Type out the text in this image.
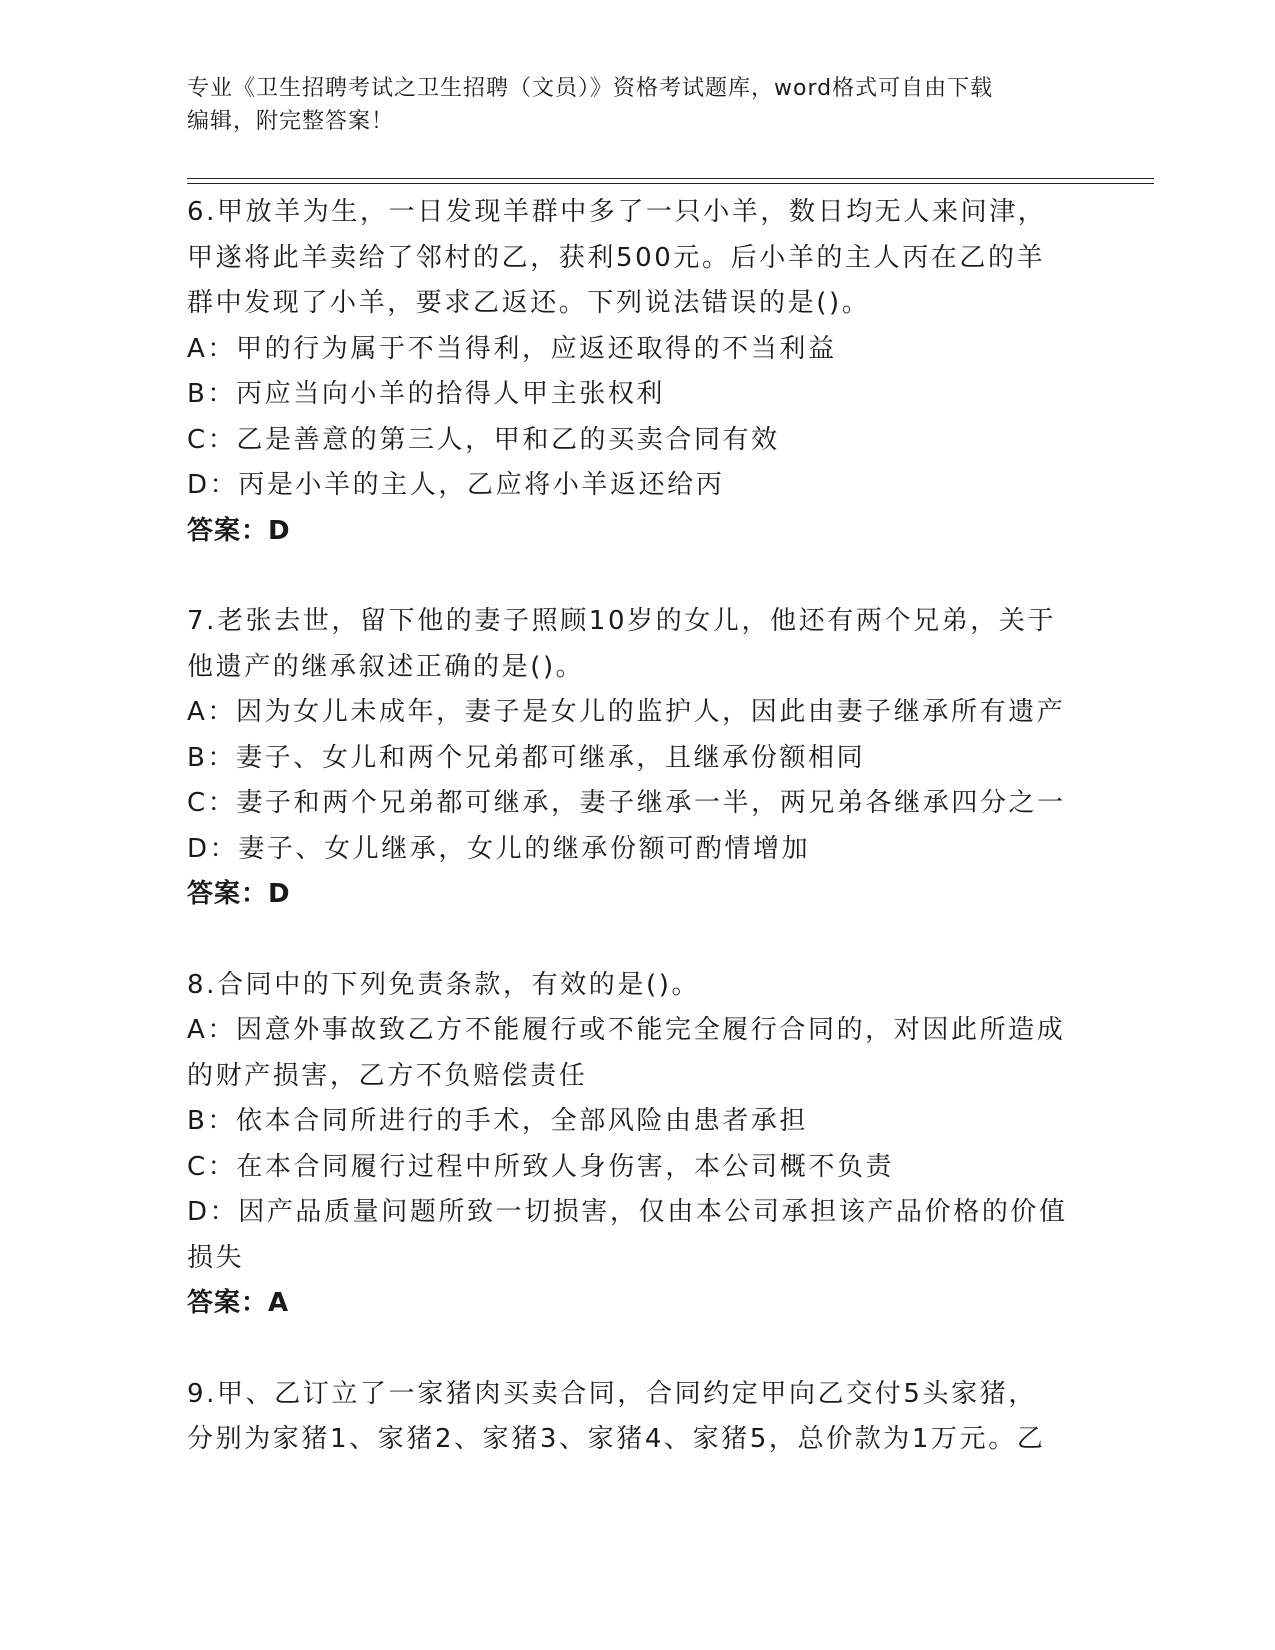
专业《卫生招聘考试之卫生招聘（文员）》资格考试题库，word格式可自由下载
编辑，附完整答案！
6.甲放羊为生，一日发现羊群中多了一只小羊，数日均无人来问津，
甲遂将此羊卖给了邻村的乙，获利500元。后小羊的主人丙在乙的羊
群中发现了小羊，要求乙返还。下列说法错误的是()。
A：甲的行为属于不当得利，应返还取得的不当利益
B：丙应当向小羊的拾得人甲主张权利
C：乙是善意的第三人，甲和乙的买卖合同有效
D：丙是小羊的主人，乙应将小羊返还给丙
答案：D
7.老张去世，留下他的妻子照顾10岁的女儿，他还有两个兄弟，关于
他遗产的继承叙述正确的是()。
A：因为女儿未成年，妻子是女儿的监护人，因此由妻子继承所有遗产
B：妻子、女儿和两个兄弟都可继承，且继承份额相同
C：妻子和两个兄弟都可继承，妻子继承一半，两兄弟各继承四分之一
D：妻子、女儿继承，女儿的继承份额可酌情增加
答案：D
8.合同中的下列免责条款，有效的是()。
A：因意外事故致乙方不能履行或不能完全履行合同的，对因此所造成
的财产损害，乙方不负赔偿责任
B：依本合同所进行的手术，全部风险由患者承担
C：在本合同履行过程中所致人身伤害，本公司概不负责
D：因产品质量问题所致一切损害，仅由本公司承担该产品价格的价值
损失
答案：A
9.甲、乙订立了一家猪肉买卖合同，合同约定甲向乙交付5头家猪，
分别为家猪1、家猪2、家猪3、家猪4、家猪5，总价款为1万元。乙
